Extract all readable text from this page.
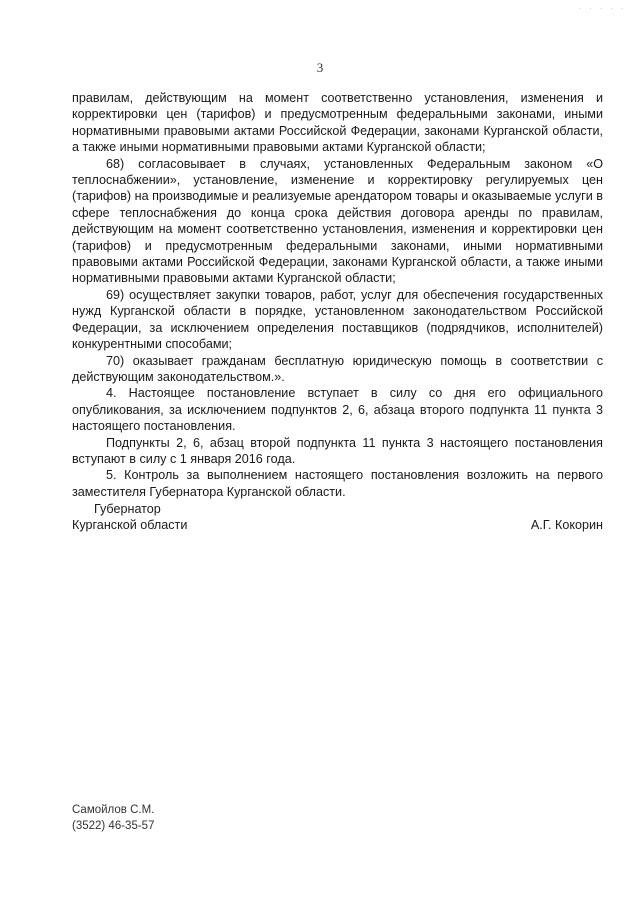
. . . . .
3

правилам, действующим на момент соответственно установления, изменения и корректировки цен (тарифов) и предусмотренным федеральными законами, иными нормативными правовыми актами Российской Федерации, законами Курганской области, а также иными нормативными правовыми актами Курганской области;

68) согласовывает в случаях, установленных Федеральным законом «О теплоснабжении», установление, изменение и корректировку регулируемых цен (тарифов) на производимые и реализуемые арендатором товары и оказываемые услуги в сфере теплоснабжения до конца срока действия договора аренды по правилам, действующим на момент соответственно установления, изменения и корректировки цен (тарифов) и предусмотренным федеральными законами, иными нормативными правовыми актами Российской Федерации, законами Курганской области, а также иными нормативными правовыми актами Курганской области;

69) осуществляет закупки товаров, работ, услуг для обеспечения государственных нужд Курганской области в порядке, установленном законодательством Российской Федерации, за исключением определения поставщиков (подрядчиков, исполнителей) конкурентными способами;

70) оказывает гражданам бесплатную юридическую помощь в соответствии с действующим законодательством.».

4. Настоящее постановление вступает в силу со дня его официального опубликования, за исключением подпунктов 2, 6, абзаца второго подпункта 11 пункта 3 настоящего постановления.

Подпункты 2, 6, абзац второй подпункта 11 пункта 3 настоящего постановления вступают в силу с 1 января 2016 года.

5. Контроль за выполнением настоящего постановления возложить на первого заместителя Губернатора Курганской области.

Губернатор
Курганской области	А.Г. Кокорин
Самойлов С.М.
(3522) 46-35-57
